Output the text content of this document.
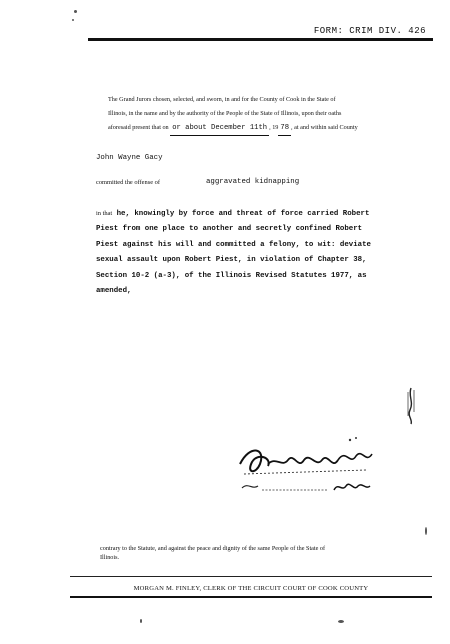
FORM: CRIM DIV. 426
The Grand Jurors chosen, selected, and sworn, in and for the County of Cook in the State of
Illinois, in the name and by the authority of the People of the State of Illinois, upon their oaths
aforesaid present that on or about December 11th , 19 78 , at and within said County
John Wayne Gacy
committed the offense of	aggravated kidnapping
in that he, knowingly by force and threat of force carried Robert
Piest from one place to another and secretly confined Robert
Piest against his will and committed a felony, to wit: deviate
sexual assault upon Robert Piest, in violation of Chapter 38,
Section 10-2 (a-3), of the Illinois Revised Statutes 1977, as
amended,
contrary to the Statute, and against the peace and dignity of the same People of the State of
Illinois.
MORGAN M. FINLEY, CLERK OF THE CIRCUIT COURT OF COOK COUNTY
